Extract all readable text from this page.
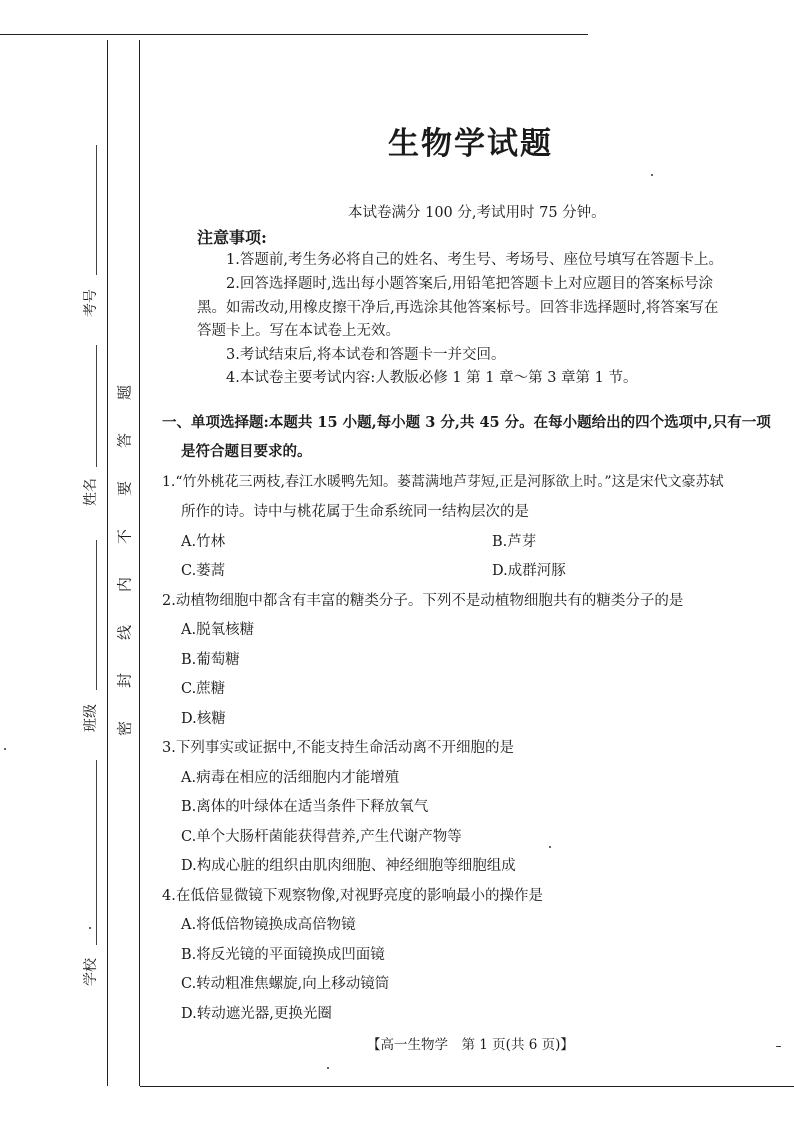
考号
姓名
班级
学校
题
答
要
不
内
线
封
密
生物学试题
本试卷满分 100 分,考试用时 75 分钟。
注意事项:
1.答题前,考生务必将自己的姓名、考生号、考场号、座位号填写在答题卡上。
2.回答选择题时,选出每小题答案后,用铅笔把答题卡上对应题目的答案标号涂
黑。如需改动,用橡皮擦干净后,再选涂其他答案标号。回答非选择题时,将答案写在
答题卡上。写在本试卷上无效。
3.考试结束后,将本试卷和答题卡一并交回。
4.本试卷主要考试内容:人教版必修 1 第 1 章～第 3 章第 1 节。
一、单项选择题:本题共 15 小题,每小题 3 分,共 45 分。在每小题给出的四个选项中,只有一项
是符合题目要求的。
1.“竹外桃花三两枝,春江水暖鸭先知。蒌蒿满地芦芽短,正是河豚欲上时。”这是宋代文豪苏轼
所作的诗。诗中与桃花属于生命系统同一结构层次的是
A.竹林	B.芦芽
C.蒌蒿	D.成群河豚
2.动植物细胞中都含有丰富的糖类分子。下列不是动植物细胞共有的糖类分子的是
A.脱氧核糖
B.葡萄糖
C.蔗糖
D.核糖
3.下列事实或证据中,不能支持生命活动离不开细胞的是
A.病毒在相应的活细胞内才能增殖
B.离体的叶绿体在适当条件下释放氧气
C.单个大肠杆菌能获得营养,产生代谢产物等
D.构成心脏的组织由肌肉细胞、神经细胞等细胞组成
4.在低倍显微镜下观察物像,对视野亮度的影响最小的操作是
A.将低倍物镜换成高倍物镜
B.将反光镜的平面镜换成凹面镜
C.转动粗准焦螺旋,向上移动镜筒
D.转动遮光器,更换光圈
【高一生物学　第 1 页(共 6 页)】
